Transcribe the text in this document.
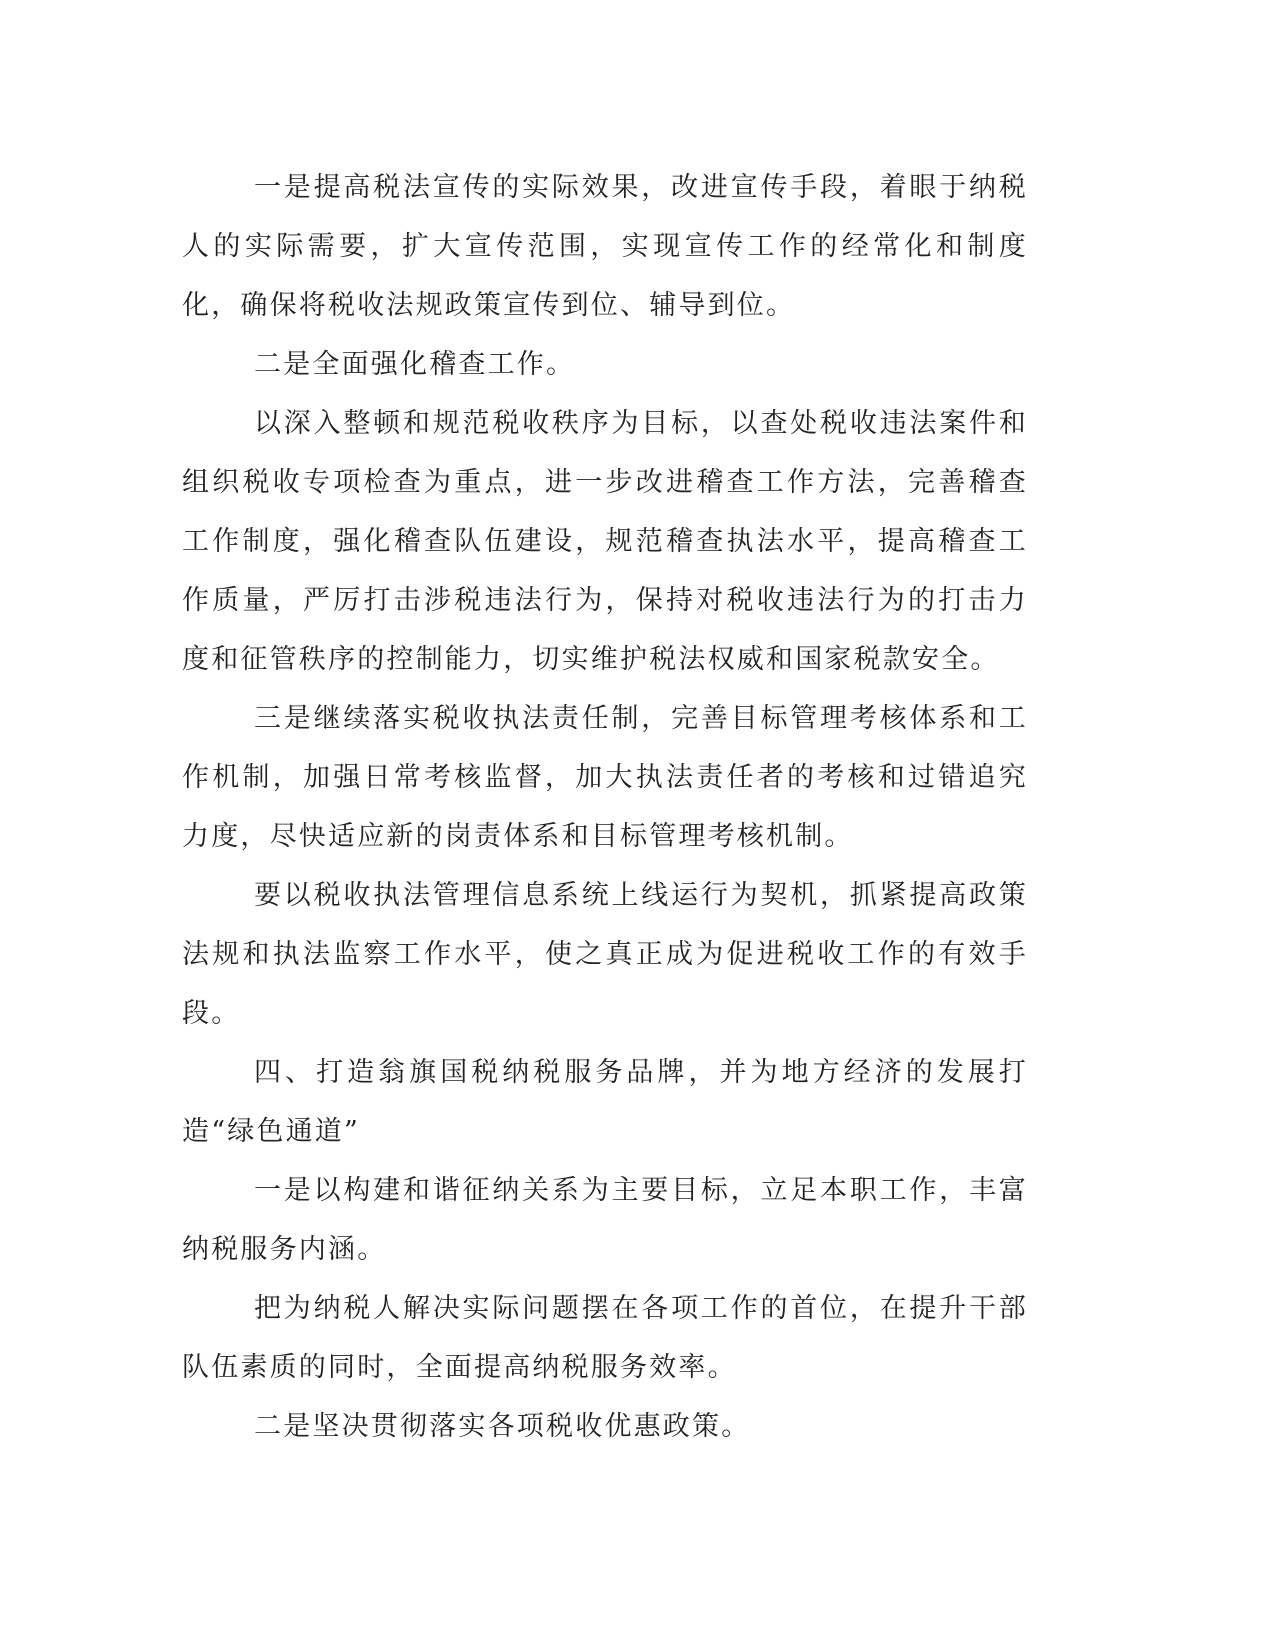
一是提高税法宣传的实际效果，改进宣传手段，着眼于纳税人的实际需要，扩大宣传范围，实现宣传工作的经常化和制度化，确保将税收法规政策宣传到位、辅导到位。

二是全面强化稽查工作。

以深入整顿和规范税收秩序为目标，以查处税收违法案件和组织税收专项检查为重点，进一步改进稽查工作方法，完善稽查工作制度，强化稽查队伍建设，规范稽查执法水平，提高稽查工作质量，严厉打击涉税违法行为，保持对税收违法行为的打击力度和征管秩序的控制能力，切实维护税法权威和国家税款安全。

三是继续落实税收执法责任制，完善目标管理考核体系和工作机制，加强日常考核监督，加大执法责任者的考核和过错追究力度，尽快适应新的岗责体系和目标管理考核机制。

要以税收执法管理信息系统上线运行为契机，抓紧提高政策法规和执法监察工作水平，使之真正成为促进税收工作的有效手段。

四、打造翁旗国税纳税服务品牌，并为地方经济的发展打造“绿色通道”

一是以构建和谐征纳关系为主要目标，立足本职工作，丰富纳税服务内涵。

把为纳税人解决实际问题摆在各项工作的首位，在提升干部队伍素质的同时，全面提高纳税服务效率。

二是坚决贯彻落实各项税收优惠政策。
